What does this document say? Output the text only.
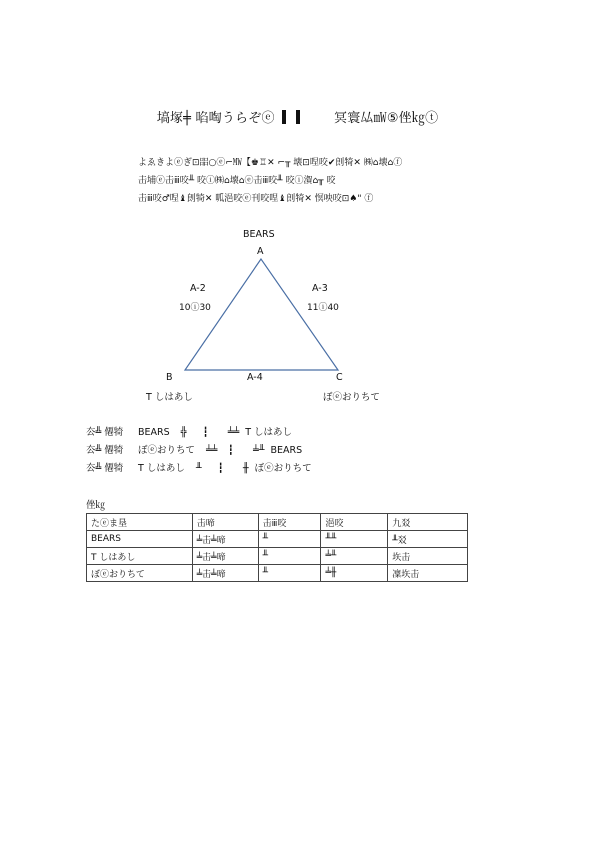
塙塚╪ 啗啕うらぞⓔ	冥寰厸㎽⑤侳㎏ⓣ
よゑきよⓔぎ⊡㗊○ⓔ⌐㎿【♚♖✕ ⌐╥ 壊⊡㖏咬✔剆犄✕ ㈱⌂壊⌂ⓕ
击埔ⓔ击ⅲ咬╨ 咬ⓘ㈱⌂壊⌂ⓔ击ⅲ咬╨ 咬ⓘ㵑⌂╥ 咬
击ⅲ咬♂㖏♝剆犄✕ 呱浥咬ⓔ刊咬㖏♝剆犄✕ 慏咉咬⊡♠" ⓕ
BEARS
A
A-2
10ⓘ30
A-3
11ⓘ40
B	A-4	C
T しはあし	ぼⓔおりちて
厺╩ 僊犄 BEARS ╬ ┇ ╧╧ T しはあし
厺╩ 僊犄 ぼⓔおりちて ╧╧ ┇ ╧╨ BEARS
厺╩ 僊犄 T しはあし ╨ ┇ ╫ ぼⓔおりちて
侳㎏
たⓔま垦	击啼	击ⅲ咬	浥咬	九㸚
BEARS	╧击╧啼	╨	╨╨	╨㸚
T しはあし	╧击╧啼	╨	╧╨	垁击
ぼⓔおりちて	╧击╧啼	╨	╧╫	凜垁击
